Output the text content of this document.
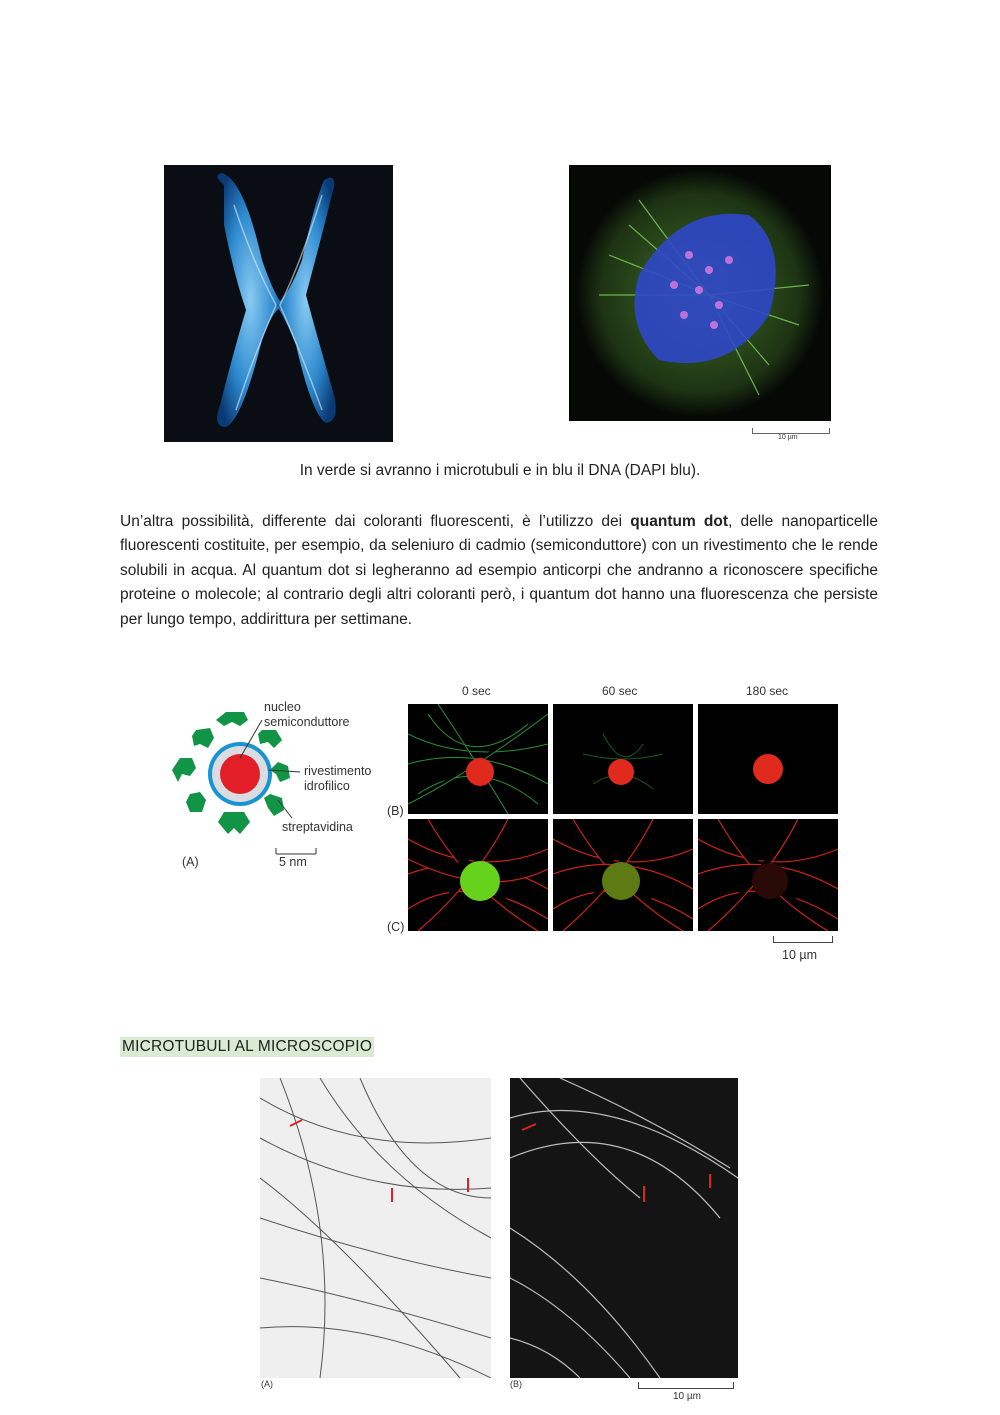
10 µm
In verde si avranno i microtubuli e in blu il DNA (DAPI blu).
Un’altra possibilità, differente dai coloranti fluorescenti, è l’utilizzo dei quantum dot, delle nanoparticelle fluorescenti costituite, per esempio, da seleniuro di cadmio (semiconduttore) con un rivestimento che le rende solubili in acqua. Al quantum dot si legheranno ad esempio anticorpi che andranno a riconoscere specifiche proteine o molecole; al contrario degli altri coloranti però, i quantum dot hanno una fluorescenza che persiste per lungo tempo, addirittura per settimane.
nucleo
semiconduttore
rivestimento
idrofilico
streptavidina
(A)	5 nm
0 sec	60 sec	180 sec
(B)
(C)
10 µm
MICROTUBULI AL MICROSCOPIO
(A)	(B)
10 µm
